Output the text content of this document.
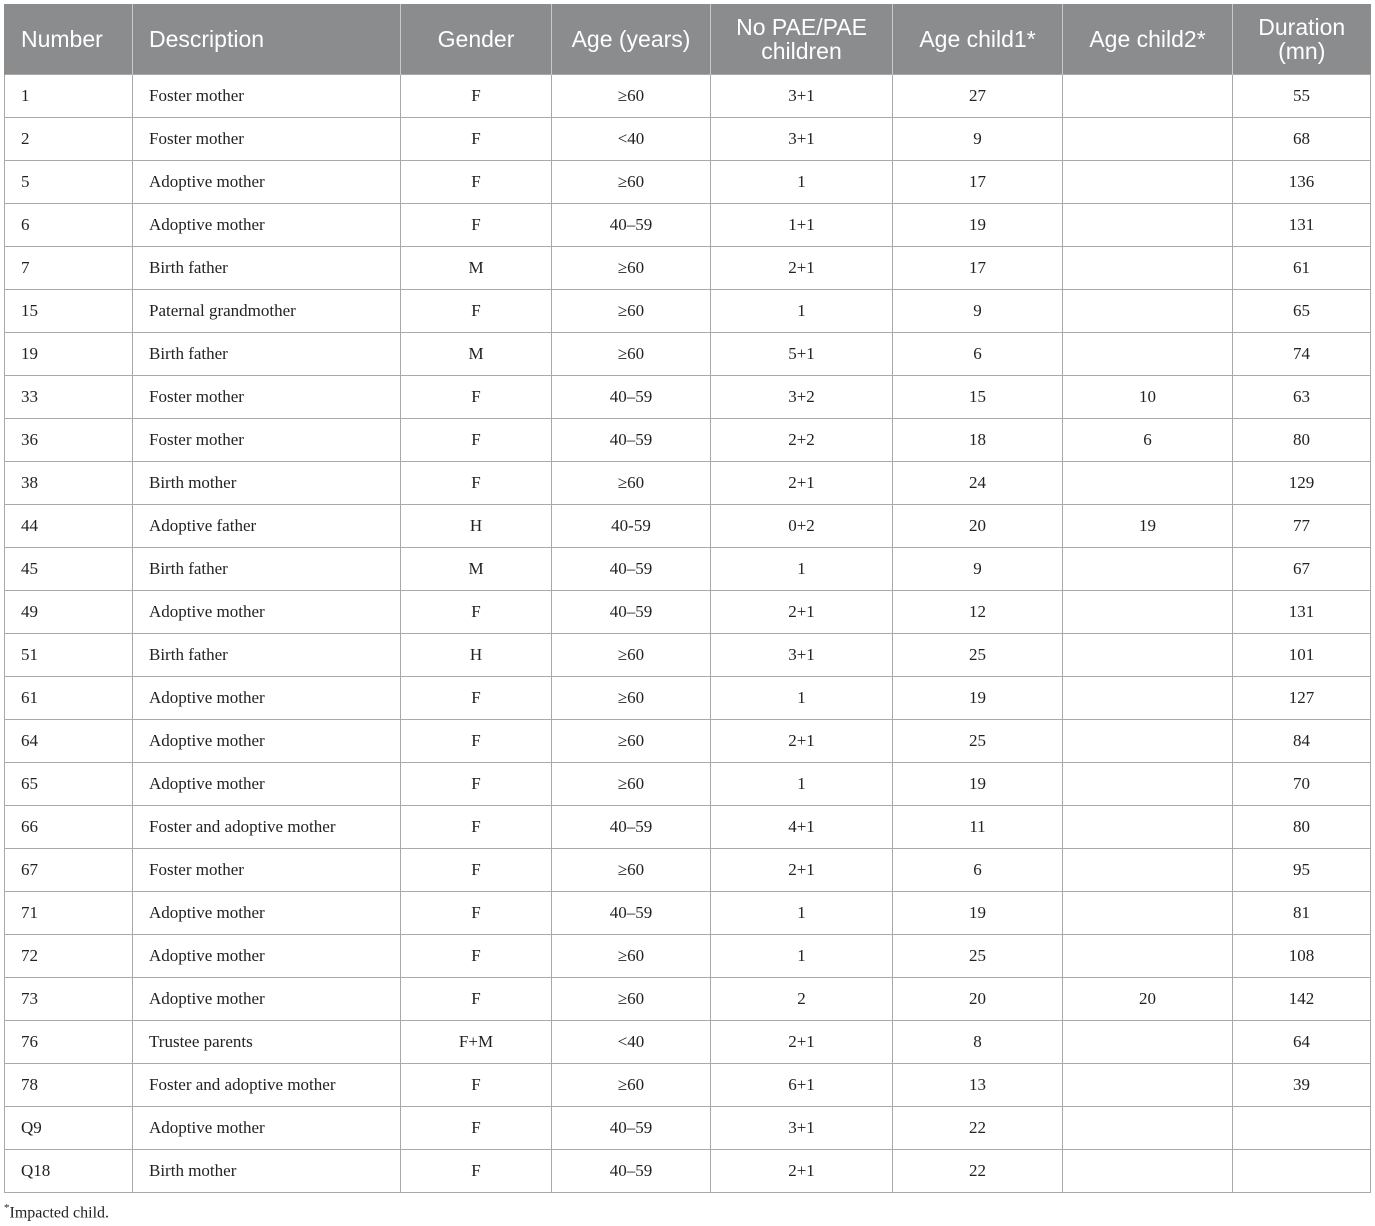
Number	Description	Gender	Age (years)	No PAE/PAE children	Age child1*	Age child2*	Duration (mn)
1	Foster mother	F	≥60	3+1	27		55
2	Foster mother	F	<40	3+1	9		68
5	Adoptive mother	F	≥60	1	17		136
6	Adoptive mother	F	40–59	1+1	19		131
7	Birth father	M	≥60	2+1	17		61
15	Paternal grandmother	F	≥60	1	9		65
19	Birth father	M	≥60	5+1	6		74
33	Foster mother	F	40–59	3+2	15	10	63
36	Foster mother	F	40–59	2+2	18	6	80
38	Birth mother	F	≥60	2+1	24		129
44	Adoptive father	H	40-59	0+2	20	19	77
45	Birth father	M	40–59	1	9		67
49	Adoptive mother	F	40–59	2+1	12		131
51	Birth father	H	≥60	3+1	25		101
61	Adoptive mother	F	≥60	1	19		127
64	Adoptive mother	F	≥60	2+1	25		84
65	Adoptive mother	F	≥60	1	19		70
66	Foster and adoptive mother	F	40–59	4+1	11		80
67	Foster mother	F	≥60	2+1	6		95
71	Adoptive mother	F	40–59	1	19		81
72	Adoptive mother	F	≥60	1	25		108
73	Adoptive mother	F	≥60	2	20	20	142
76	Trustee parents	F+M	<40	2+1	8		64
78	Foster and adoptive mother	F	≥60	6+1	13		39
Q9	Adoptive mother	F	40–59	3+1	22		
Q18	Birth mother	F	40–59	2+1	22		
*Impacted child.
